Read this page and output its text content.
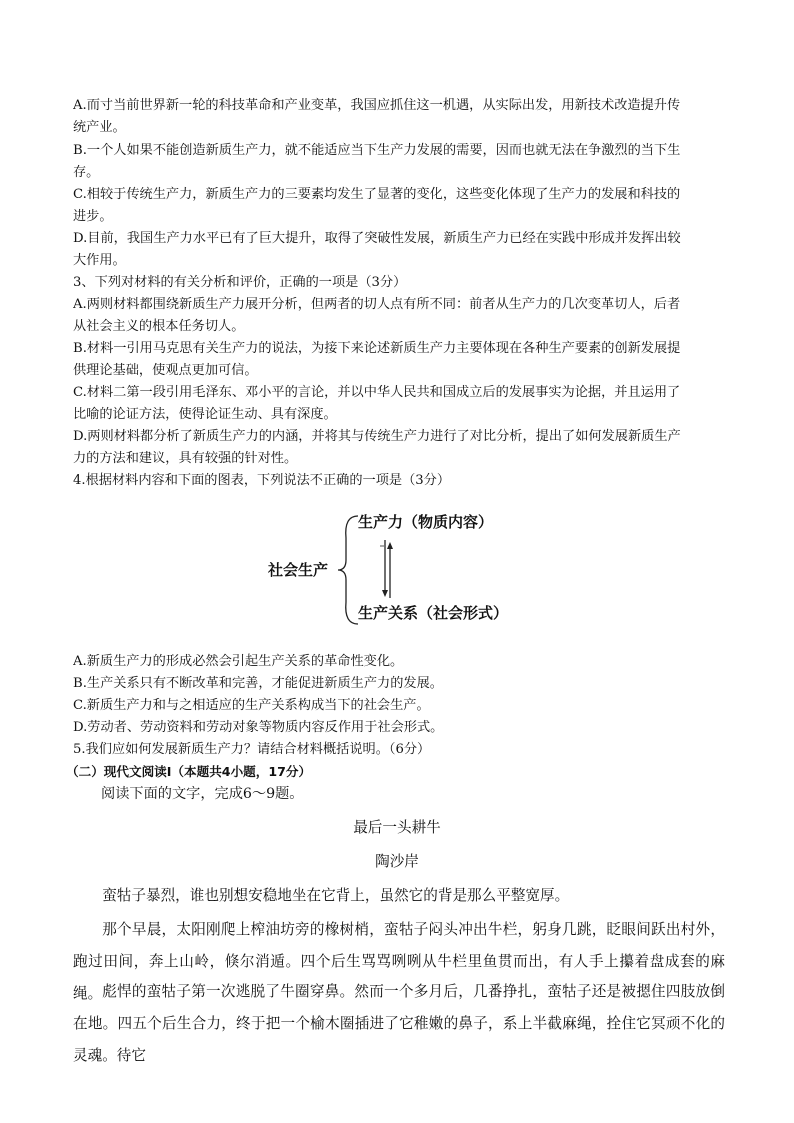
A.而寸当前世界新一轮的科技革命和产业变革，我国应抓住这一机遇，从实际出发，用新技术改造提升传
统产业。
B.一个人如果不能创造新质生产力，就不能适应当下生产力发展的需要，因而也就无法在争激烈的当下生
存。
C.相较于传统生产力，新质生产力的三要素均发生了显著的变化，这些变化体现了生产力的发展和科技的
进步。
D.目前，我国生产力水平已有了巨大提升，取得了突破性发展，新质生产力已经在实践中形成并发挥出较
大作用。
3、下列对材料的有关分析和评价，正确的一项是（3分）
A.两则材料都围绕新质生产力展开分析，但两者的切人点有所不同：前者从生产力的几次变革切人，后者
从社会主义的根本任务切人。
B.材料一引用马克思有关生产力的说法，为接下来论述新质生产力主要体现在各种生产要素的创新发展提
供理论基础，使观点更加可信。
C.材料二第一段引用毛泽东、邓小平的言论，并以中华人民共和国成立后的发展事实为论据，并且运用了
比喻的论证方法，使得论证生动、具有深度。
D.两则材料都分析了新质生产力的内涵，并将其与传统生产力进行了对比分析，提出了如何发展新质生产
力的方法和建议，具有较强的针对性。
4.根据材料内容和下面的图表，下列说法不正确的一项是（3分）
社会生产
生产力（物质内容）
生产关系（社会形式）
A.新质生产力的形成必然会引起生产关系的革命性变化。
B.生产关系只有不断改革和完善，才能促进新质生产力的发展。
C.新质生产力和与之相适应的生产关系构成当下的社会生产。
D.劳动者、劳动资料和劳动对象等物质内容反作用于社会形式。
5.我们应如何发展新质生产力？请结合材料概括说明。（6分）
（二）现代文阅读Ⅰ（本题共4小题，17分）
阅读下面的文字，完成6～9题。
最后一头耕牛
陶沙岸
蛮牯子暴烈，谁也别想安稳地坐在它背上，虽然它的背是那么平整宽厚。
那个早晨，太阳刚爬上榨油坊旁的橡树梢，蛮牯子闷头冲出牛栏，躬身几跳，眨眼间跃出村外，跑过田间，奔上山岭，倏尔消遁。四个后生骂骂咧咧从牛栏里鱼贯而出，有人手上攥着盘成套的麻绳。 彪悍的蛮牯子第一次逃脱了牛圈穿鼻。然而一个多月后，几番挣扎，蛮牯子还是被摁住四肢放倒在地。四五个后生合力，终于把一个榆木圈插进了它稚嫩的鼻子，系上半截麻绳，拴住它冥顽不化的灵魂。待它
